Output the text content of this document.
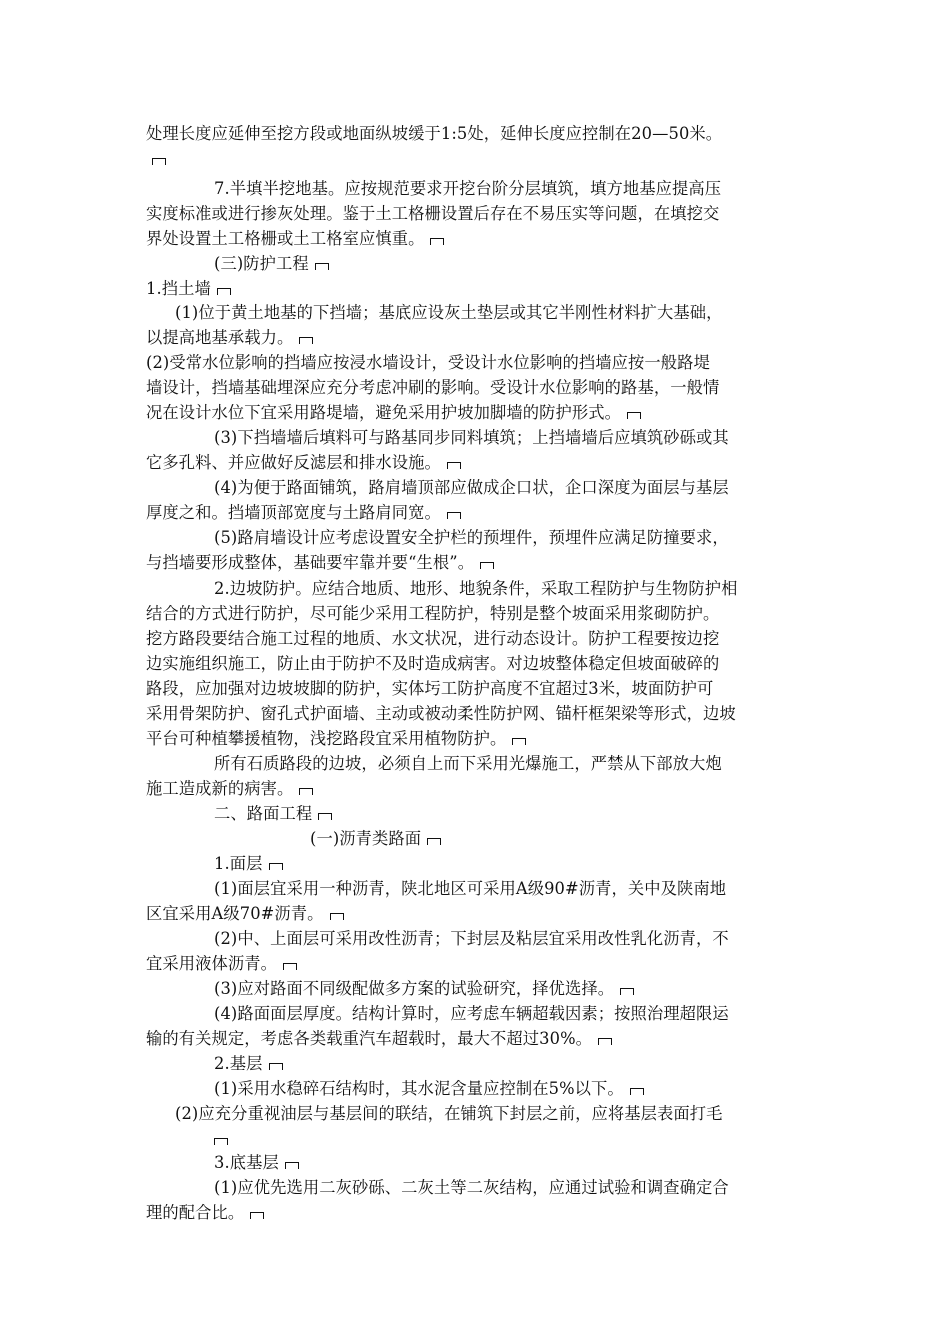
处理长度应延伸至挖方段或地面纵坡缓于1:5处，延伸长度应控制在20—50米。

7.半填半挖地基。应按规范要求开挖台阶分层填筑，填方地基应提高压

实度标准或进行掺灰处理。鉴于土工格栅设置后存在不易压实等问题，在填挖交

界处设置土工格栅或土工格室应慎重。

(三)防护工程

1.挡土墙

(1)位于黄土地基的下挡墙；基底应设灰土垫层或其它半刚性材料扩大基础，

以提高地基承载力。

(2)受常水位影响的挡墙应按浸水墙设计，受设计水位影响的挡墙应按一般路堤

墙设计，挡墙基础埋深应充分考虑冲刷的影响。受设计水位影响的路基，一般情

况在设计水位下宜采用路堤墙，避免采用护坡加脚墙的防护形式。

(3)下挡墙墙后填料可与路基同步同料填筑；上挡墙墙后应填筑砂砾或其

它多孔料、并应做好反滤层和排水设施。

(4)为便于路面铺筑，路肩墙顶部应做成企口状，企口深度为面层与基层

厚度之和。挡墙顶部宽度与土路肩同宽。

(5)路肩墙设计应考虑设置安全护栏的预埋件，预埋件应满足防撞要求，

与挡墙要形成整体，基础要牢靠并要“生根”。

2.边坡防护。应结合地质、地形、地貌条件，采取工程防护与生物防护相

结合的方式进行防护，尽可能少采用工程防护，特别是整个坡面采用浆砌防护。

挖方路段要结合施工过程的地质、水文状况，进行动态设计。防护工程要按边挖

边实施组织施工，防止由于防护不及时造成病害。对边坡整体稳定但坡面破碎的

路段，应加强对边坡坡脚的防护，实体圬工防护高度不宜超过3米，坡面防护可

采用骨架防护、窗孔式护面墙、主动或被动柔性防护网、锚杆框架梁等形式，边坡

平台可种植攀援植物，浅挖路段宜采用植物防护。

所有石质路段的边坡，必须自上而下采用光爆施工，严禁从下部放大炮

施工造成新的病害。

二、路面工程

(一)沥青类路面

1.面层

(1)面层宜采用一种沥青，陕北地区可采用A级90#沥青，关中及陕南地

区宜采用A级70#沥青。

(2)中、上面层可采用改性沥青；下封层及粘层宜采用改性乳化沥青，不

宜采用液体沥青。

(3)应对路面不同级配做多方案的试验研究，择优选择。

(4)路面面层厚度。结构计算时，应考虑车辆超载因素；按照治理超限运

输的有关规定，考虑各类载重汽车超载时，最大不超过30%。

2.基层

(1)采用水稳碎石结构时，其水泥含量应控制在5%以下。

(2)应充分重视油层与基层间的联结，在铺筑下封层之前，应将基层表面打毛

3.底基层

(1)应优先选用二灰砂砾、二灰土等二灰结构，应通过试验和调查确定合

理的配合比。
